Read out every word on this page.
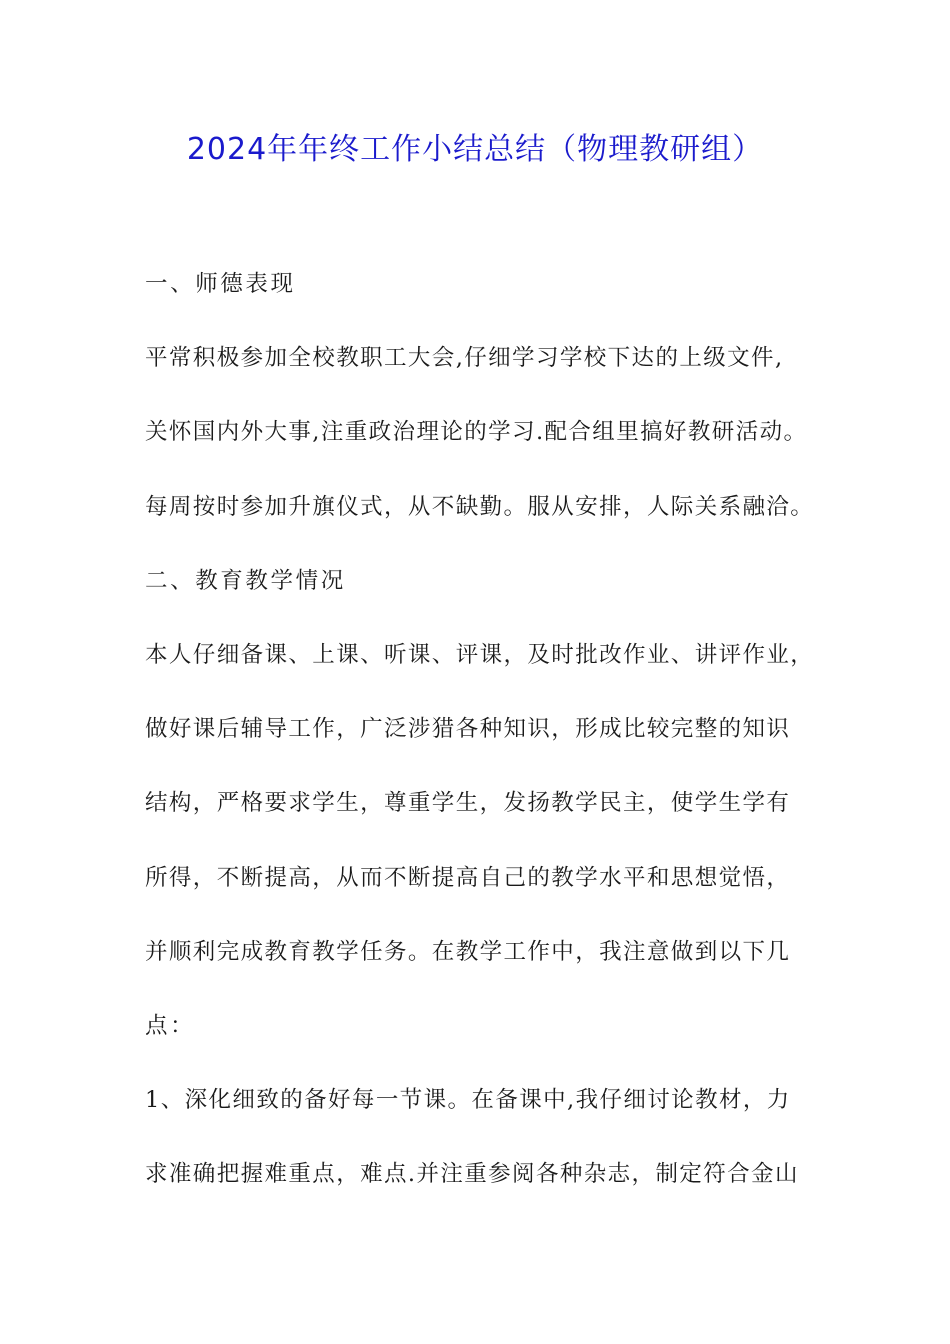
2024年年终工作小结总结（物理教研组）
一、师德表现
平常积极参加全校教职工大会,仔细学习学校下达的上级文件,
关怀国内外大事,注重政治理论的学习.配合组里搞好教研活动。
每周按时参加升旗仪式，从不缺勤。服从安排，人际关系融洽。
二、教育教学情况
本人仔细备课、上课、听课、评课，及时批改作业、讲评作业，
做好课后辅导工作，广泛涉猎各种知识，形成比较完整的知识
结构，严格要求学生，尊重学生，发扬教学民主，使学生学有
所得，不断提高，从而不断提高自己的教学水平和思想觉悟，
并顺利完成教育教学任务。在教学工作中，我注意做到以下几
点：
1、深化细致的备好每一节课。在备课中,我仔细讨论教材，力
求准确把握难重点，难点.并注重参阅各种杂志，制定符合金山
